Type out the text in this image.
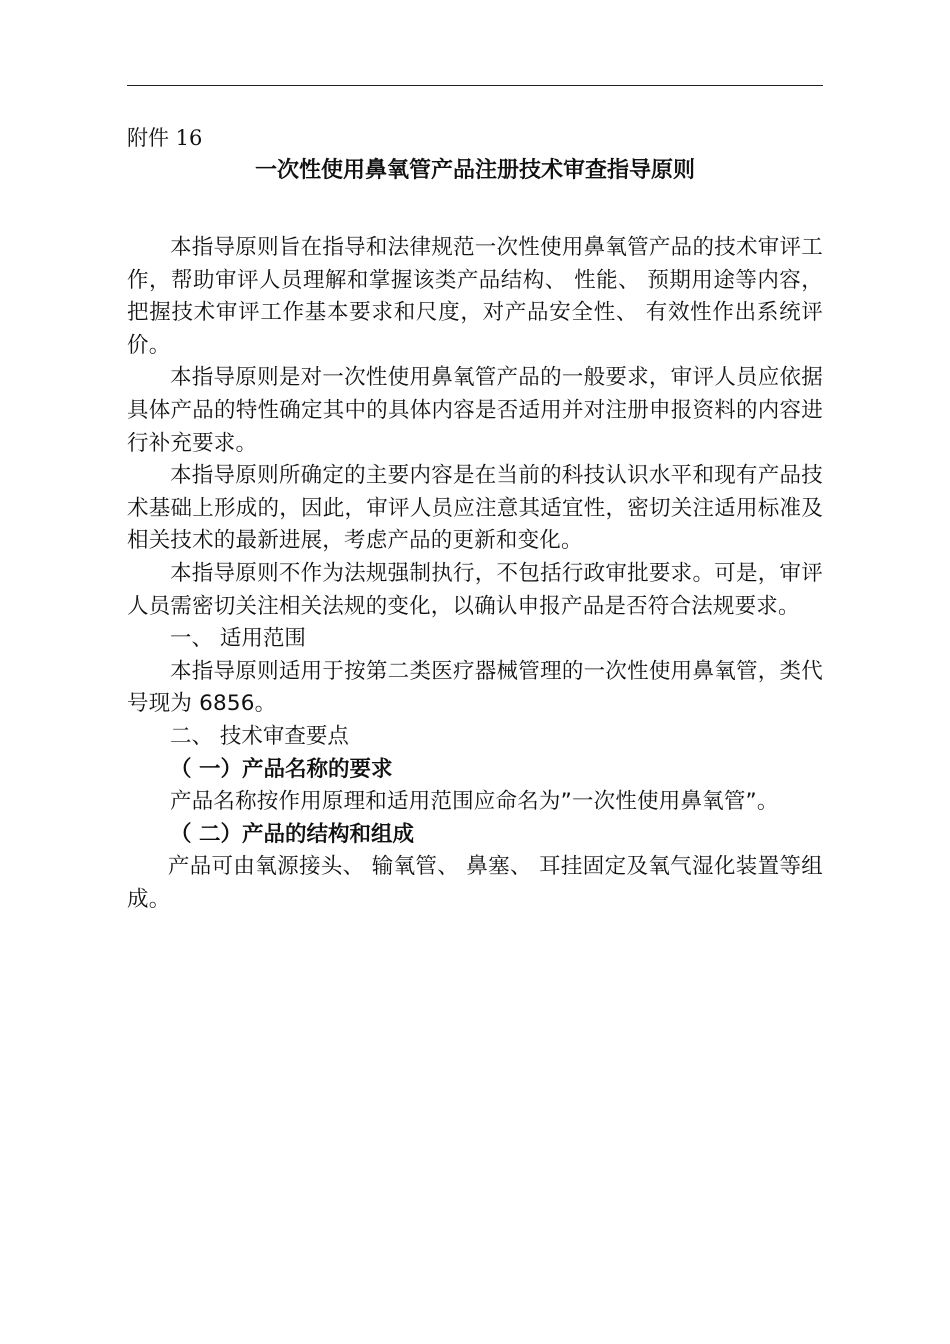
附件 16
一次性使用鼻氧管产品注册技术审查指导原则

本指导原则旨在指导和法律规范一次性使用鼻氧管产品的技术审评工作，帮助审评人员理解和掌握该类产品结构、 性能、 预期用途等内容，把握技术审评工作基本要求和尺度，对产品安全性、 有效性作出系统评价。

本指导原则是对一次性使用鼻氧管产品的一般要求，审评人员应依据具体产品的特性确定其中的具体内容是否适用并对注册申报资料的内容进行补充要求。

本指导原则所确定的主要内容是在当前的科技认识水平和现有产品技术基础上形成的，因此，审评人员应注意其适宜性，密切关注适用标准及相关技术的最新进展，考虑产品的更新和变化。

本指导原则不作为法规强制执行，不包括行政审批要求。可是，审评人员需密切关注相关法规的变化，以确认申报产品是否符合法规要求。

一、 适用范围

本指导原则适用于按第二类医疗器械管理的一次性使用鼻氧管，类代号现为 6856。

二、 技术审查要点

（ 一）产品名称的要求

产品名称按作用原理和适用范围应命名为”一次性使用鼻氧管”。

（ 二）产品的结构和组成

产品可由氧源接头、 输氧管、 鼻塞、 耳挂固定及氧气湿化装置等组成。
